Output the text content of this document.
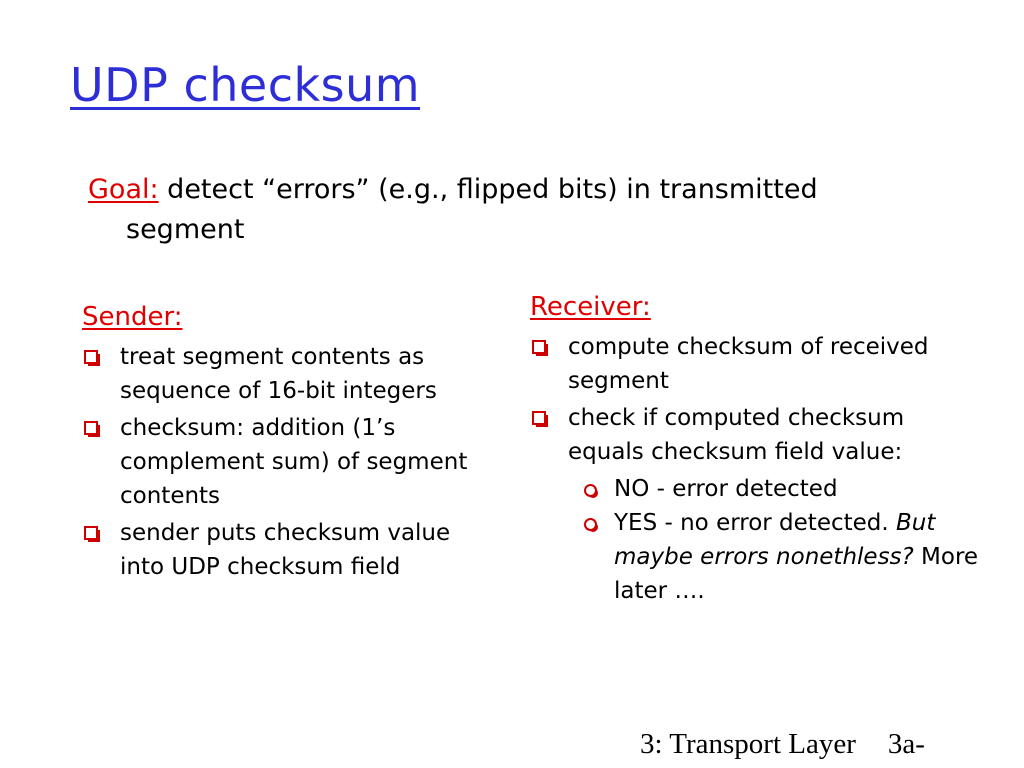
UDP checksum
Goal: detect “errors” (e.g., flipped bits) in transmitted
segment
Sender:
treat segment contents as sequence of 16-bit integers
checksum: addition (1’s complement sum) of segment contents
sender puts checksum value into UDP checksum field
Receiver:
compute checksum of received segment
check if computed checksum equals checksum field value:
NO - error detected
YES - no error detected. But maybe errors nonethless? More later ….
3: Transport Layer 3a-
